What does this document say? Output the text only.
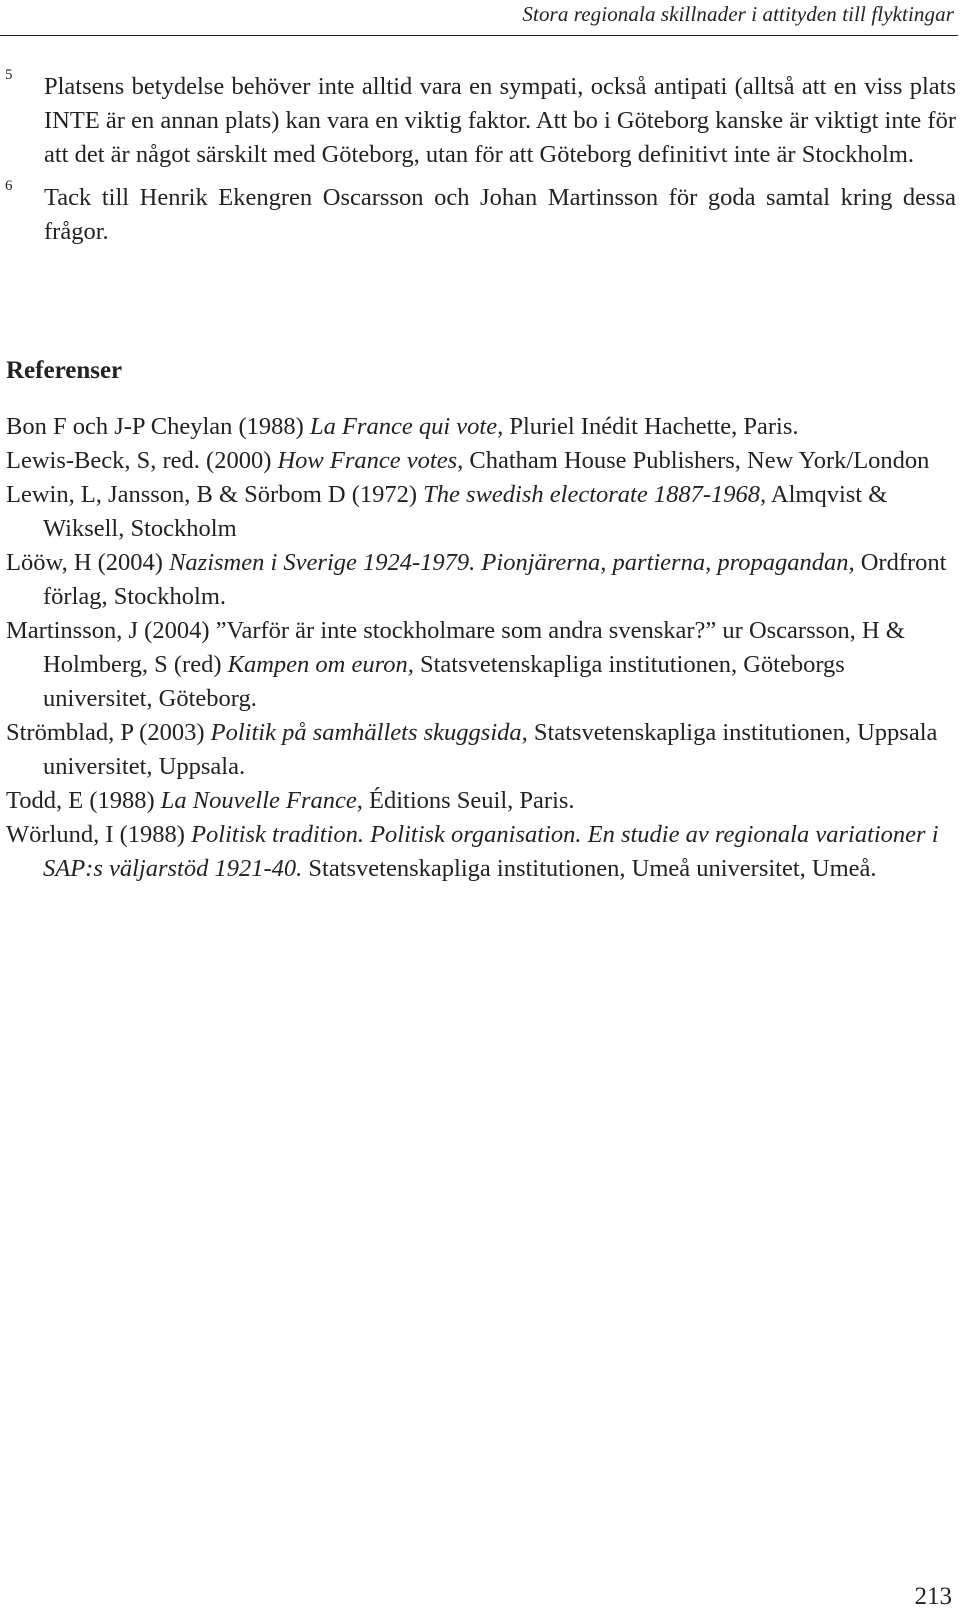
Stora regionala skillnader i attityden till flyktingar
5 Platsens betydelse behöver inte alltid vara en sympati, också antipati (alltså att en viss plats INTE är en annan plats) kan vara en viktig faktor. Att bo i Göteborg kanske är viktigt inte för att det är något särskilt med Göteborg, utan för att Göteborg definitivt inte är Stockholm.
6 Tack till Henrik Ekengren Oscarsson och Johan Martinsson för goda samtal kring dessa frågor.
Referenser
Bon F och J-P Cheylan (1988) La France qui vote, Pluriel Inédit Hachette, Paris.
Lewis-Beck, S, red. (2000) How France votes, Chatham House Publishers, New York/London
Lewin, L, Jansson, B & Sörbom D (1972) The swedish electorate 1887-1968, Almqvist & Wiksell, Stockholm
Lööw, H (2004) Nazismen i Sverige 1924-1979. Pionjärerna, partierna, propagandan, Ordfront förlag, Stockholm.
Martinsson, J (2004) ”Varför är inte stockholmare som andra svenskar?” ur Oscarsson, H & Holmberg, S (red) Kampen om euron, Statsvetenskapliga institutionen, Göteborgs universitet, Göteborg.
Strömblad, P (2003) Politik på samhällets skuggsida, Statsvetenskapliga institutionen, Uppsala universitet, Uppsala.
Todd, E (1988) La Nouvelle France, Éditions Seuil, Paris.
Wörlund, I (1988) Politisk tradition. Politisk organisation. En studie av regionala variationer i SAP:s väljarstöd 1921-40. Statsvetenskapliga institutionen, Umeå universitet, Umeå.
213
